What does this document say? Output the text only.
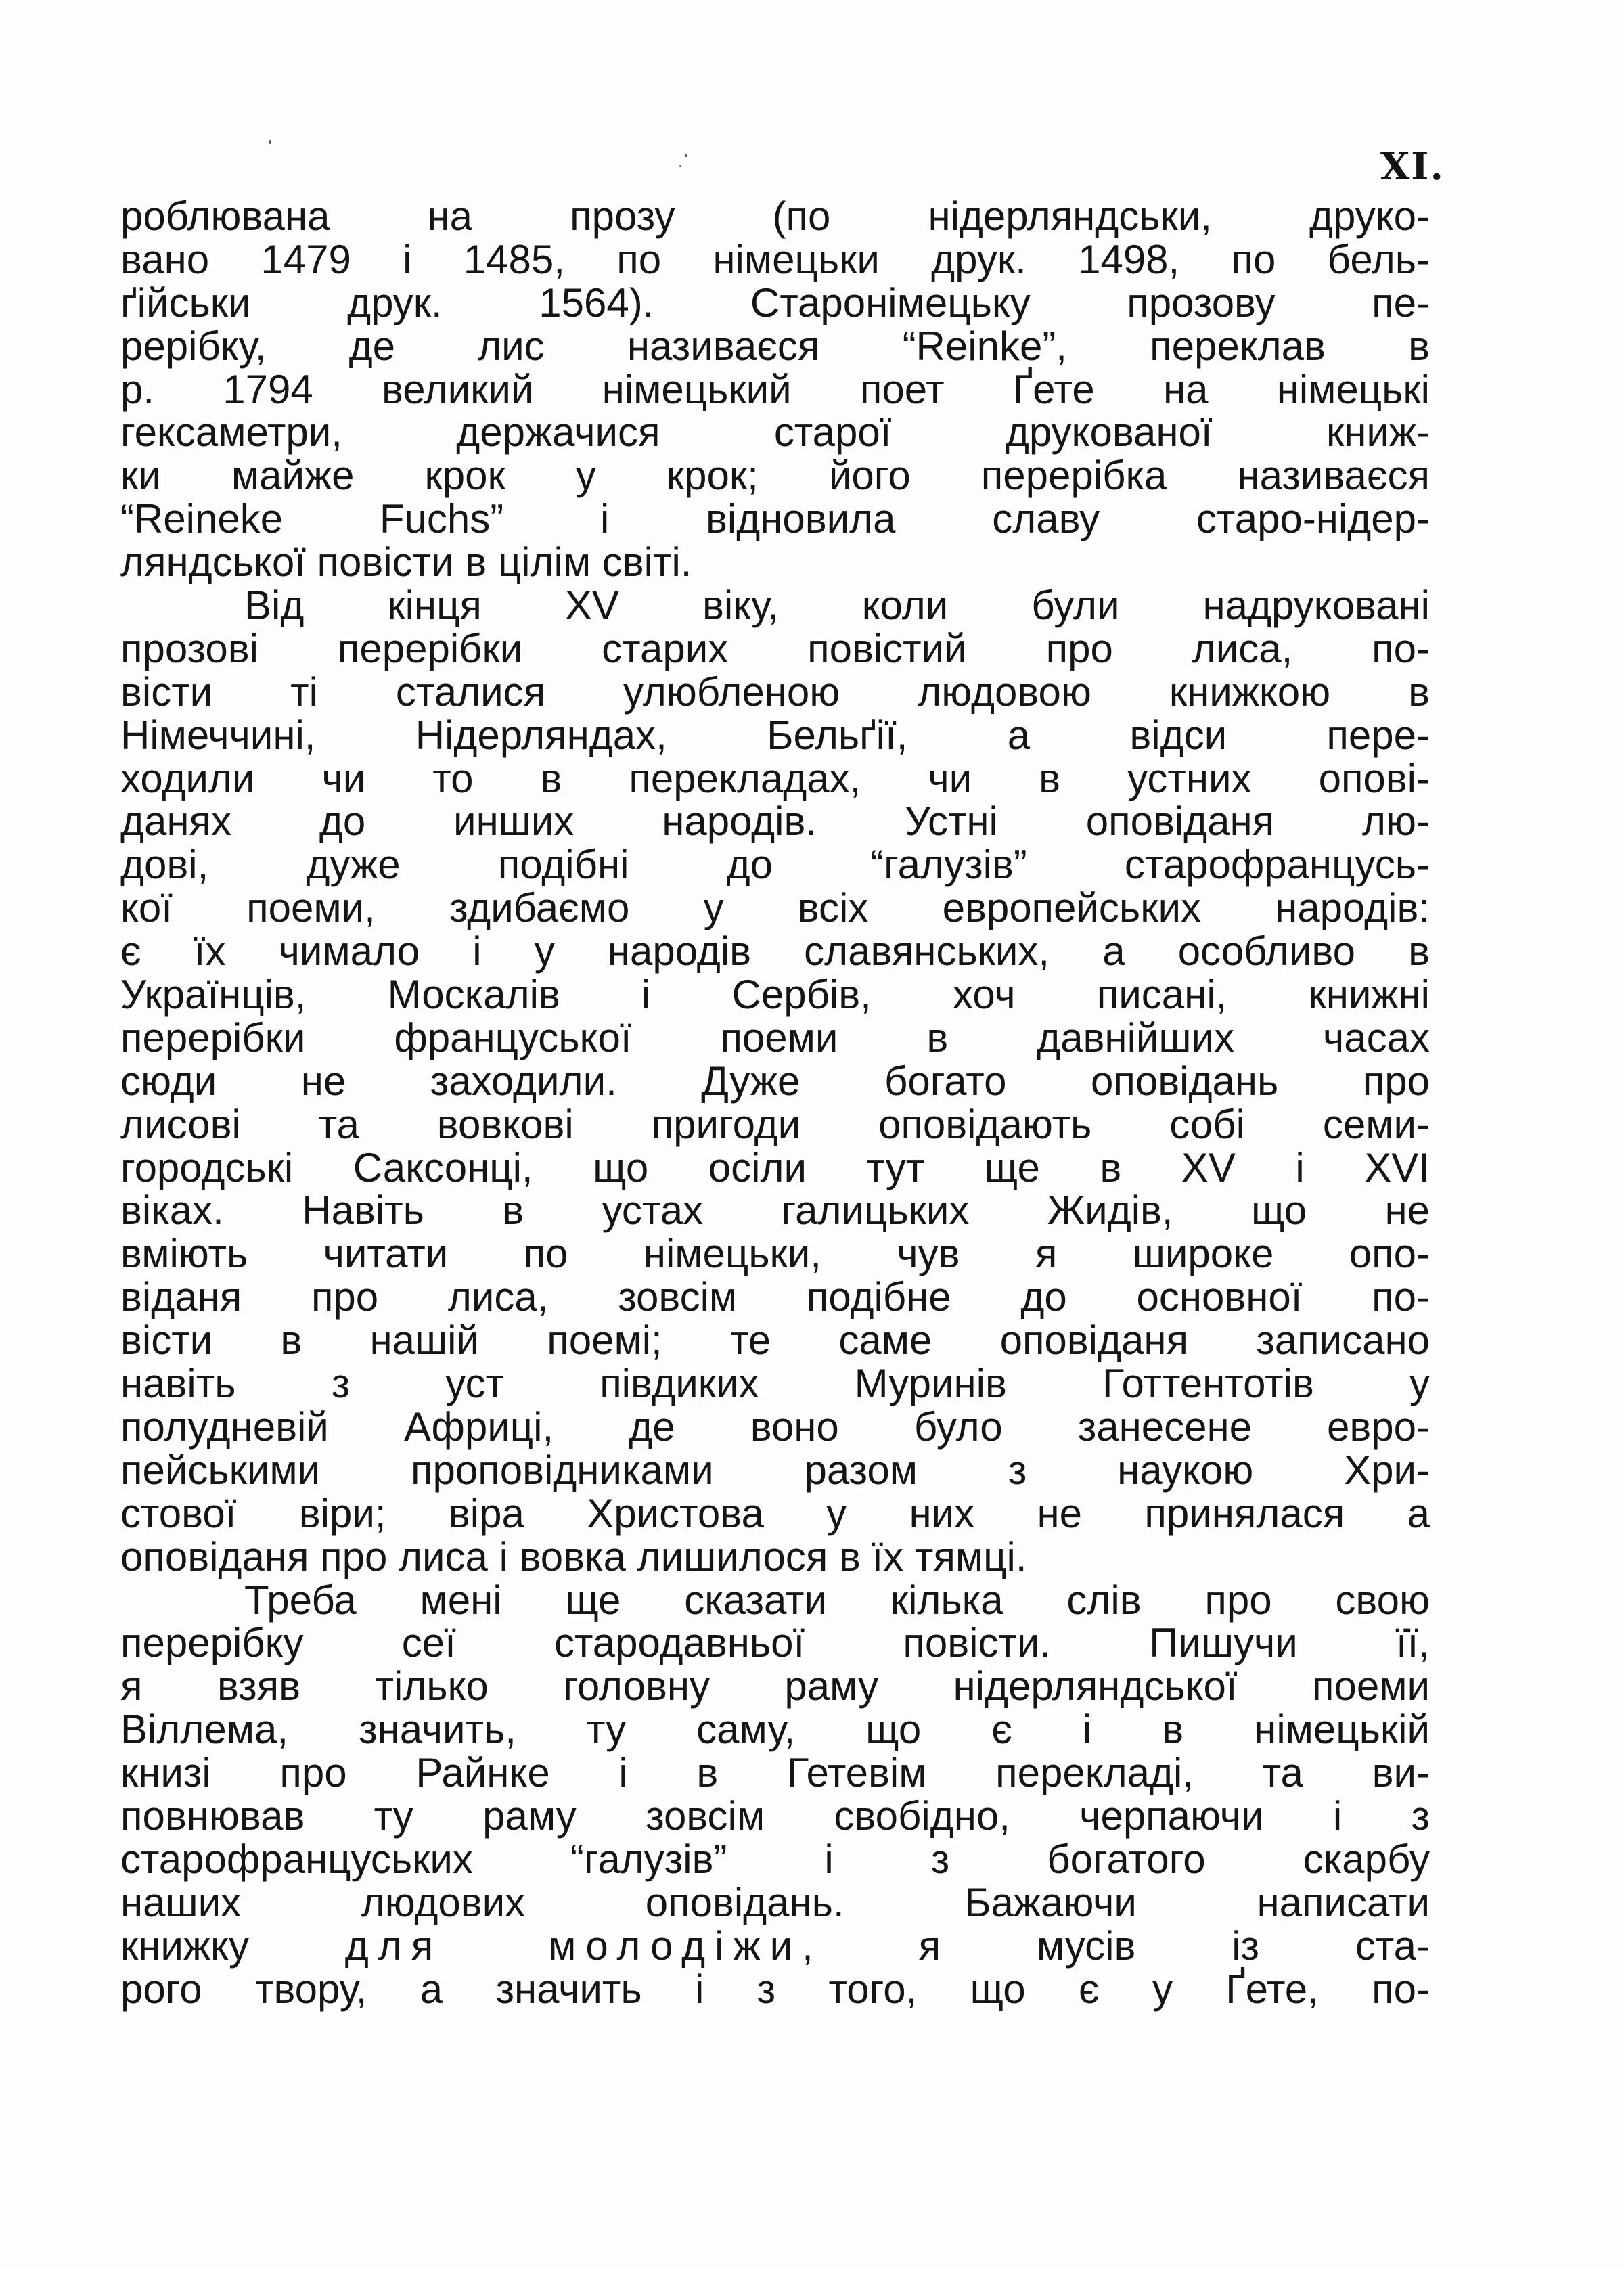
XI.
роблювана на прозу (по нідерляндськи, друко-
вано 1479 і 1485, по німецьки друк. 1498, по бель-
ґійськи друк. 1564). Старонімецьку прозову пе-
рерібку, де лис називаєся “Reinke”, переклав в
р. 1794 великий німецький поет Ґете на німецькі
гексаметри, держачися старої друкованої книж-
ки майже крок у крок; його перерібка називаєся
“Reineke Fuchs” і відновила славу старо-нідер-
ляндської повісти в цілім світі.
Від кінця XV віку, коли були надруковані
прозові перерібки старих повістий про лиса, по-
вісти ті сталися улюбленою людовою книжкою в
Німеччині, Нідерляндах, Бельґії, а відси пере-
ходили чи то в перекладах, чи в устних опові-
данях до инших народів. Устні оповіданя лю-
дові, дуже подібні до “галузів” старофранцусь-
кої поеми, здибаємо у всіх европейських народів:
є їх чимало і у народів славянських, а особливо в
Українців, Москалів і Сербів, хоч писані, книжні
перерібки француської поеми в давнійших часах
сюди не заходили. Дуже богато оповідань про
лисові та вовкові пригоди оповідають собі семи-
городські Саксонці, що осіли тут ще в XV і XVI
віках. Навіть в устах галицьких Жидів, що не
вміють читати по німецьки, чув я широке опо-
віданя про лиса, зовсім подібне до основної по-
вісти в нашій поемі; те саме оповіданя записано
навіть з уст півдиких Муринів Готтентотів у
полудневій Африці, де воно було занесене евро-
пейськими проповідниками разом з наукою Хри-
стової віри; віра Христова у них не принялася а
оповіданя про лиса і вовка лишилося в їх тямці.
Треба мені ще сказати кілька слів про свою
перерібку сеї стародавньої повісти. Пишучи її,
я взяв тілько головну раму нідерляндської поеми
Віллема, значить, ту саму, що є і в німецькій
книзі про Райнке і в Гетевім перекладі, та ви-
повнював ту раму зовсім свобідно, черпаючи і з
старофранцуських “галузів” і з богатого скарбу
наших людових оповідань. Бажаючи написати
книжку для молодіжи, я мусів із ста-
рого твору, а значить і з того, що є у Ґете, по-
